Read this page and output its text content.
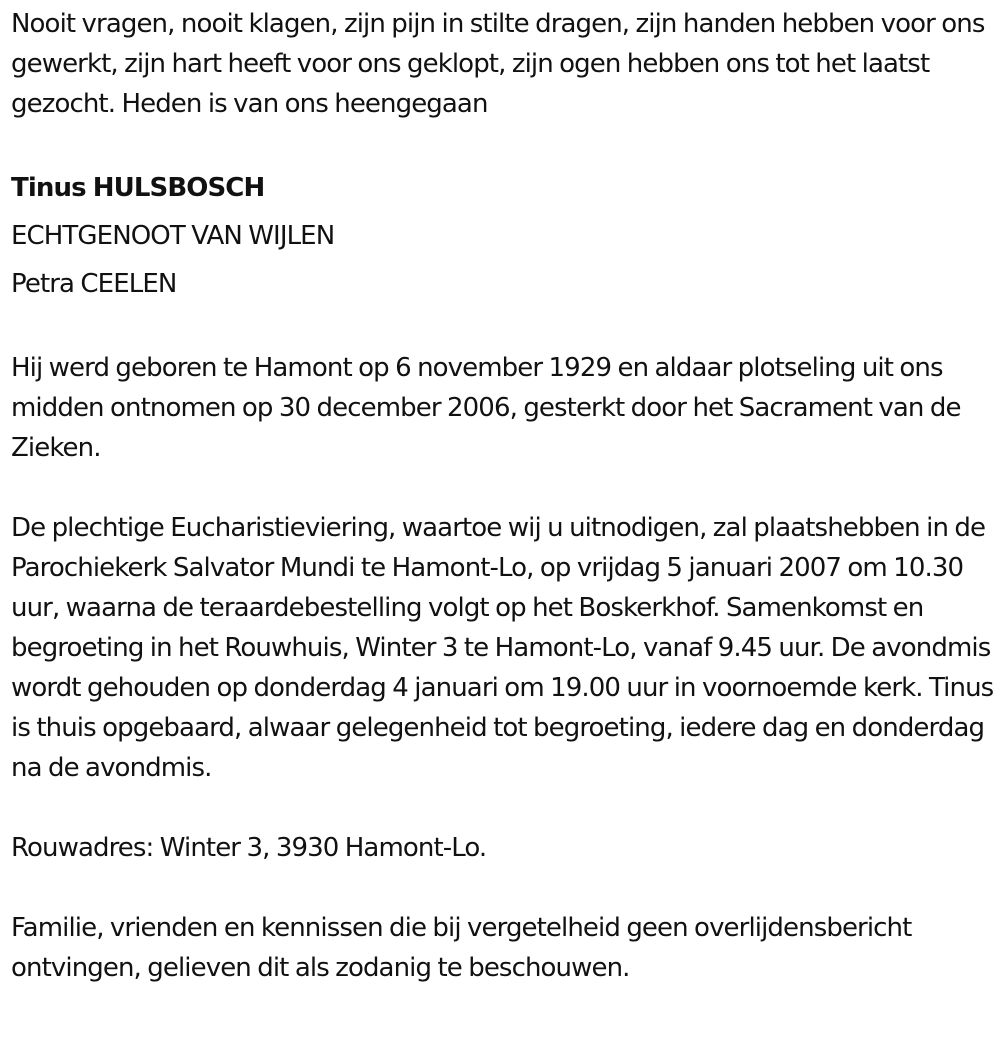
Nooit vragen, nooit klagen, zijn pijn in stilte dragen, zijn handen hebben voor ons gewerkt, zijn hart heeft voor ons geklopt, zijn ogen hebben ons tot het laatst gezocht. Heden is van ons heengegaan

Tinus HULSBOSCH
ECHTGENOOT VAN WIJLEN
Petra CEELEN

Hij werd geboren te Hamont op 6 november 1929 en aldaar plotseling uit ons midden ontnomen op 30 december 2006, gesterkt door het Sacrament van de Zieken.

De plechtige Eucharistieviering, waartoe wij u uitnodigen, zal plaatshebben in de Parochiekerk Salvator Mundi te Hamont-Lo, op vrijdag 5 januari 2007 om 10.30 uur, waarna de teraardebestelling volgt op het Boskerkhof. Samenkomst en begroeting in het Rouwhuis, Winter 3 te Hamont-Lo, vanaf 9.45 uur. De avondmis wordt gehouden op donderdag 4 januari om 19.00 uur in voornoemde kerk. Tinus is thuis opgebaard, alwaar gelegenheid tot begroeting, iedere dag en donderdag na de avondmis.

Rouwadres: Winter 3, 3930 Hamont-Lo.

Familie, vrienden en kennissen die bij vergetelheid geen overlijdensbericht ontvingen, gelieven dit als zodanig te beschouwen.
